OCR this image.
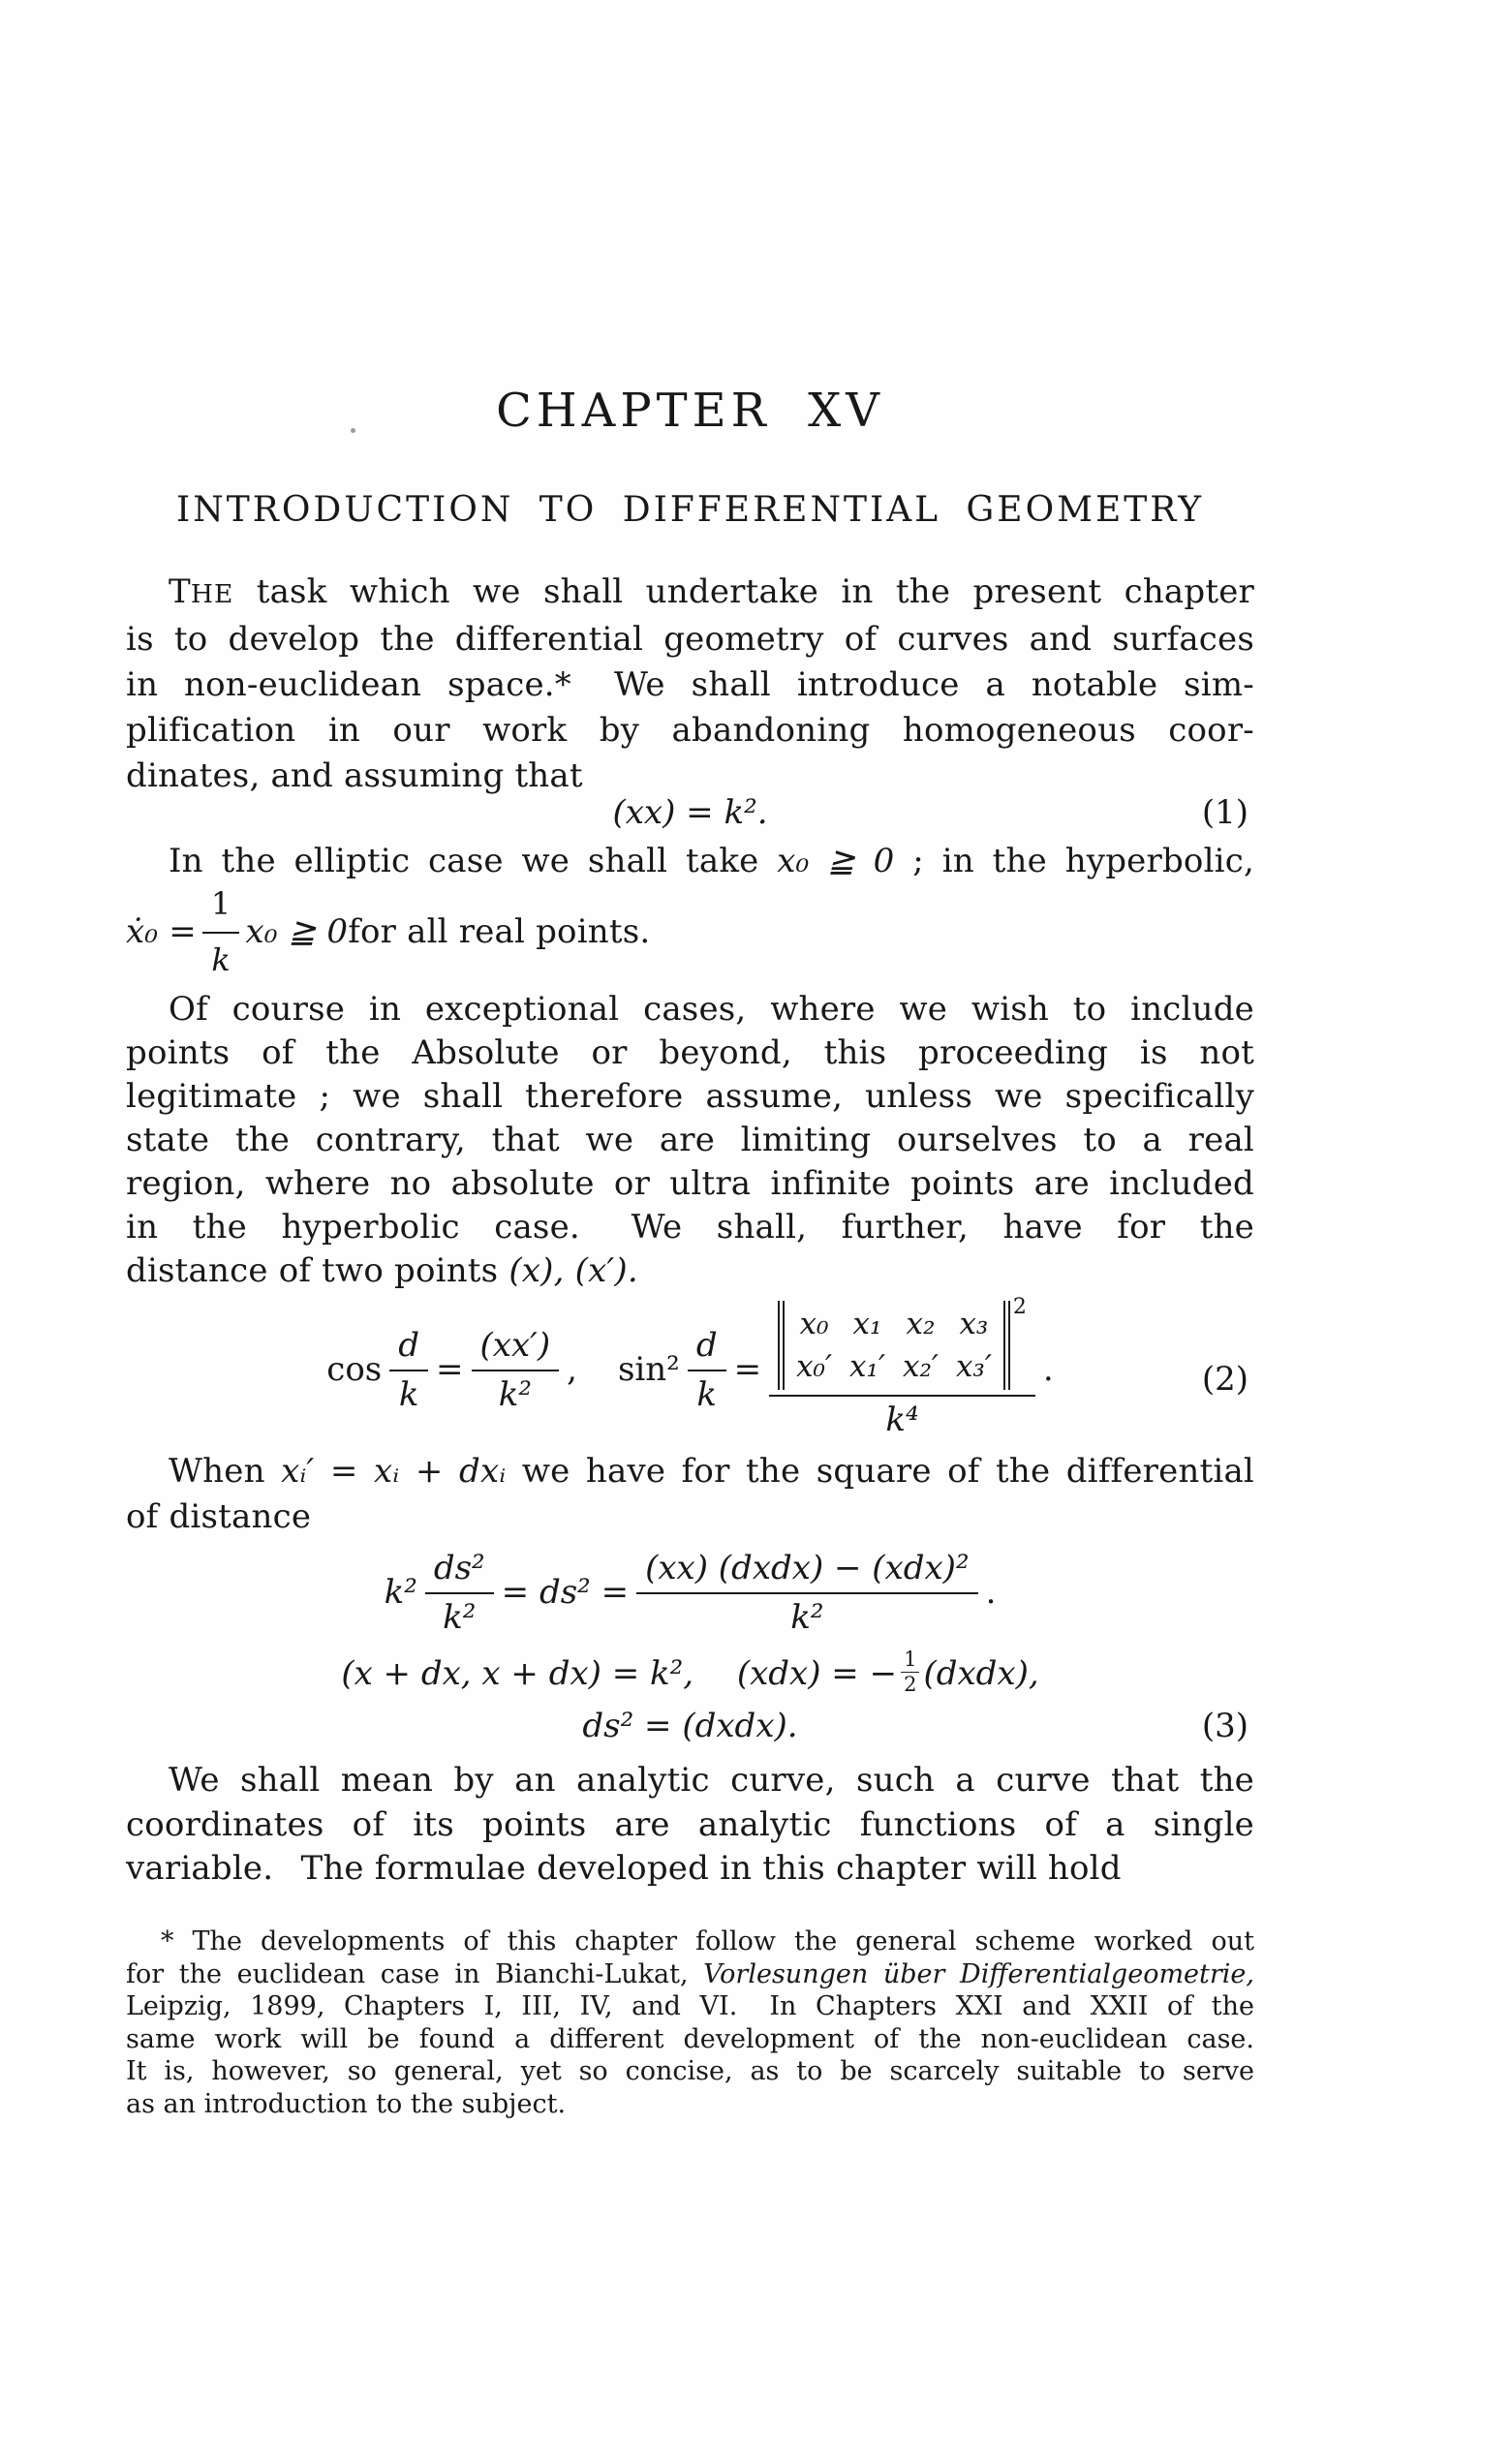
CHAPTER XV
INTRODUCTION TO DIFFERENTIAL GEOMETRY
THE task which we shall undertake in the present chapter
is to develop the differential geometry of curves and surfaces
in non-euclidean space.*  We shall introduce a notable sim-
plification in our work by abandoning homogeneous coor-
dinates, and assuming that
(xx) = k².	(1)
In the elliptic case we shall take x₀ ≧ 0 ; in the hyperbolic,
ẋ₀ = $\frac{1}{k} x_0$ ≧ 0 for all real points.
Of course in exceptional cases, where we wish to include
points of the Absolute or beyond, this proceeding is not
legitimate ; we shall therefore assume, unless we specifically
state the contrary, that we are limiting ourselves to a real
region, where no absolute or ultra infinite points are included
in the hyperbolic case.  We shall, further, have for the
distance of two points (x), (x′).
$\cos \frac{d}{k} = \frac{(xx')}{\text{k²}}$ , $\sin^2 \frac{d}{k}$ =
x₀ x₁ x₂ x₃
x₀′ x₁′ x₂′ x₃′
2
k⁴
.	(2)
When xᵢ′ = xᵢ + dxᵢ we have for the square of the differential
of distance
$k^2 \frac{\text{ds²}}{\text{k²}} = ds^2 = \frac{\text{(xx) (dxdx) − (xdx)²}}{\text{k²}}$ .
(x + dx, x + dx) = k²,  (xdx) = − $\frac{1}{2}$ (dxdx),
ds² = (dxdx).	(3)
We shall mean by an analytic curve, such a curve that the
coordinates of its points are analytic functions of a single
variable.  The formulae developed in this chapter will hold
* The developments of this chapter follow the general scheme worked out
for the euclidean case in Bianchi-Lukat, Vorlesungen über Differentialgeometrie,
Leipzig, 1899, Chapters I, III, IV, and VI.  In Chapters XXI and XXII of the
same work will be found a different development of the non-euclidean case.
It is, however, so general, yet so concise, as to be scarcely suitable to serve
as an introduction to the subject.
